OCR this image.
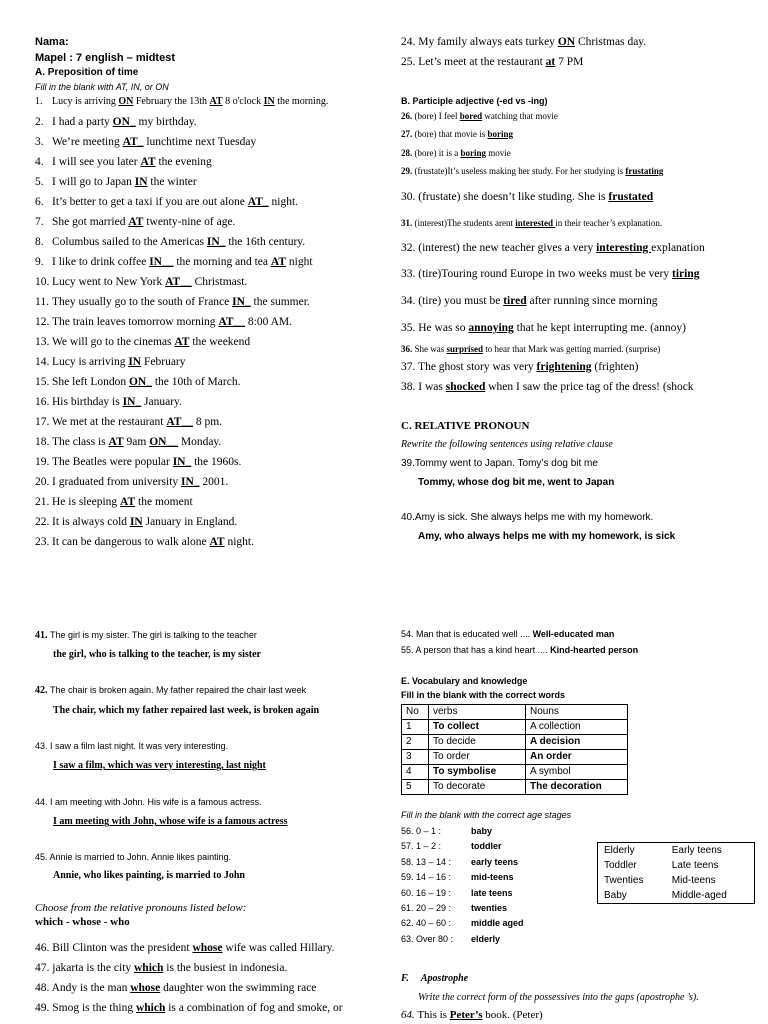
Nama:
Mapel : 7 english – midtest
A. Preposition of time
Fill in the blank with AT, IN, or ON
1. Lucy is arriving ON February the 13th AT 8 o'clock IN the morning.
2. I had a party ON_ my birthday.
3. We’re meeting AT_ lunchtime next Tuesday
4. I will see you later AT the evening
5. I will go to Japan IN the winter
6. It’s better to get a taxi if you are out alone AT_ night.
7. She got married AT twenty-nine of age.
8. Columbus sailed to the Americas IN_ the 16th century.
9. I like to drink coffee IN__ the morning and tea AT night
10. Lucy went to New York AT__ Christmast.
11. They usually go to the south of France IN_ the summer.
12. The train leaves tomorrow morning AT__ 8:00 AM.
13. We will go to the cinemas AT the weekend
14. Lucy is arriving IN February
15. She left London ON_ the 10th of March.
16. His birthday is IN_ January.
17. We met at the restaurant AT__ 8 pm.
18. The class is AT 9am ON__ Monday.
19. The Beatles were popular IN_ the 1960s.
20. I graduated from university IN_ 2001.
21. He is sleeping AT the moment
22. It is always cold IN January in England.
23. It can be dangerous to walk alone AT night.
24. My family always eats turkey ON Christmas day.
25. Let’s meet at the restaurant at 7 PM
B. Participle adjective (-ed vs -ing)
26. (bore) I feel bored watching that movie
27. (bore) that movie is boring
28. (bore) it is a boring movie
29. (frustate)It’s useless making her study. For her studying is frustating
30. (frustate) she doesn’t like studing. She is frustated
31. (interest)The students arent interested in their teacher’s explanation.
32. (interest) the new teacher gives a very interesting explanation
33. (tire)Touring round Europe in two weeks must be very tiring
34. (tire) you must be tired after running since morning
35. He was so annoying that he kept interrupting me. (annoy)
36. She was surprised to hear that Mark was getting married. (surprise)
37. The ghost story was very frightening (frighten)
38. I was shocked when I saw the price tag of the dress! (shock
C. RELATIVE PRONOUN
Rewrite the following sentences using relative clause
39.Tommy went to Japan. Tomy’s dog bit me
Tommy, whose dog bit me, went to Japan
40.Amy is sick. She always helps me with my homework.
Amy, who always helps me with my homework, is sick
41. The girl is my sister. The girl is talking to the teacher
the girl, who is talking to the teacher, is my sister
42. The chair is broken again. My father repaired the chair last week
The chair, which my father repaired last week, is broken again
43. I saw a film last night. It was very interesting.
I saw a film, which was very interesting, last night
44. I am meeting with John. His wife is a famous actress.
I am meeting with John, whose wife is a famous actress
45. Annie is married to John. Annie likes painting.
Annie, who likes painting, is married to John
Choose from the relative pronouns listed below:
which - whose - who
46. Bill Clinton was the president whose wife was called Hillary.
47. jakarta is the city which is the busiest in indonesia.
48. Andy is the man whose daughter won the swimming race
49. Smog is the thing which is a combination of fog and smoke, or
54. Man that is educated well .... Well-educated man
55. A person that has a kind heart .... Kind-hearted person
E. Vocabulary and knowledge
Fill in the blank with the correct words
No	verbs	Nouns
1	To collect	A collection
2	To decide	A decision
3	To order	An order
4	To symbolise	A symbol
5	To decorate	The decoration
Fill in the blank with the correct age stages
56. 0 – 1 :	baby
57. 1 – 2 :	toddler
58. 13 – 14 : early teens
59. 14 – 16 : mid-teens
60. 16 – 19 : late teens
61. 20 – 29 : twenties
62. 40 – 60 : middle aged
63. Over 80 : elderly
Elderly	Early teens
Toddler	Late teens
Twenties	Mid-teens
Baby	Middle-aged
F. Apostrophe
Write the correct form of the possessives into the gaps (apostrophe ’s).
64. This is Peter’s book. (Peter)
